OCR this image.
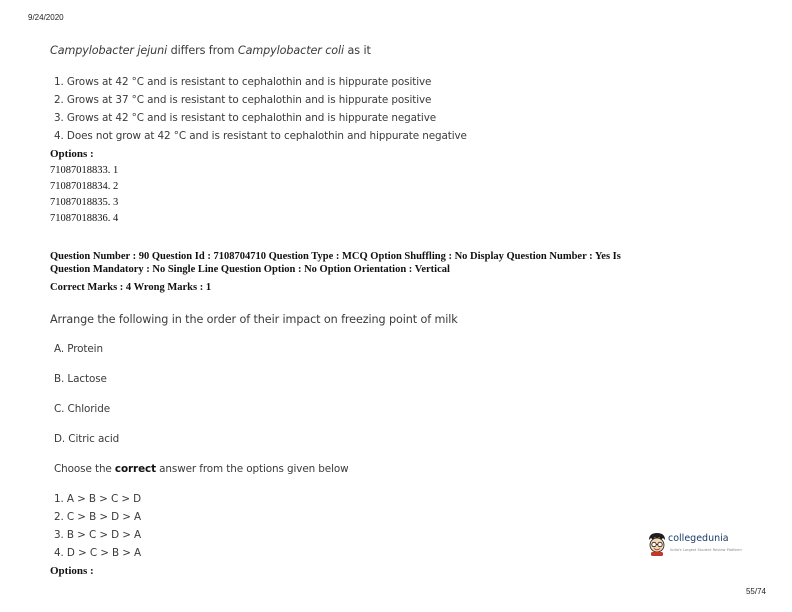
9/24/2020
Campylobacter jejuni differs from Campylobacter coli as it
1. Grows at 42 °C and is resistant to cephalothin and is hippurate positive
2. Grows at 37 °C and is resistant to cephalothin and is hippurate positive
3. Grows at 42 °C and is resistant to cephalothin and is hippurate negative
4. Does not grow at 42 °C and is resistant to cephalothin and hippurate negative
Options :
71087018833. 1
71087018834. 2
71087018835. 3
71087018836. 4
Question Number : 90 Question Id : 7108704710 Question Type : MCQ Option Shuffling : No Display Question Number : Yes Is
Question Mandatory : No Single Line Question Option : No Option Orientation : Vertical
Correct Marks : 4 Wrong Marks : 1
Arrange the following in the order of their impact on freezing point of milk
A. Protein
B. Lactose
C. Chloride
D. Citric acid
Choose the correct answer from the options given below
1. A > B > C > D
2. C > B > D > A
3. B > C > D > A
4. D > C > B > A
Options :
collegedunia
India's Largest Student Review Platform
55/74
